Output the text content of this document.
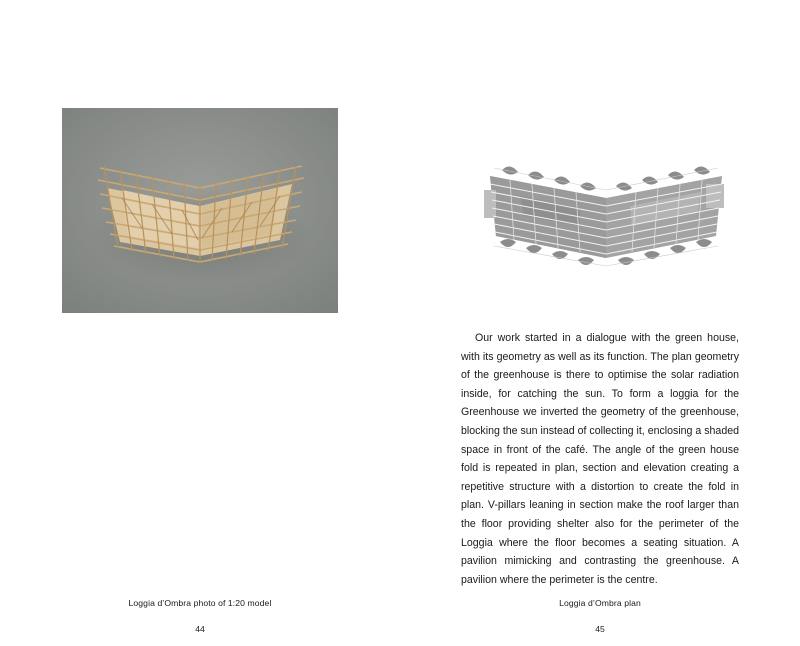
Loggia d’Ombra photo of 1:20 model
44

Our work started in a dialogue with the green house, with its geometry as well as its function. The plan geometry of the greenhouse is there to optimise the solar radiation inside, for catching the sun. To form a loggia for the Greenhouse we inverted the geometry of the greenhouse, blocking the sun instead of collecting it, enclosing a shaded space in front of the café. The angle of the green house fold is repeated in plan, section and elevation creating a repetitive structure with a distortion to create the fold in plan. V-pillars leaning in section make the roof larger than the floor providing shelter also for the perimeter of the Loggia where the floor becomes a seating situation. A pavilion mimicking and contrasting the greenhouse. A pavilion where the perimeter is the centre.

Loggia d’Ombra plan
45
